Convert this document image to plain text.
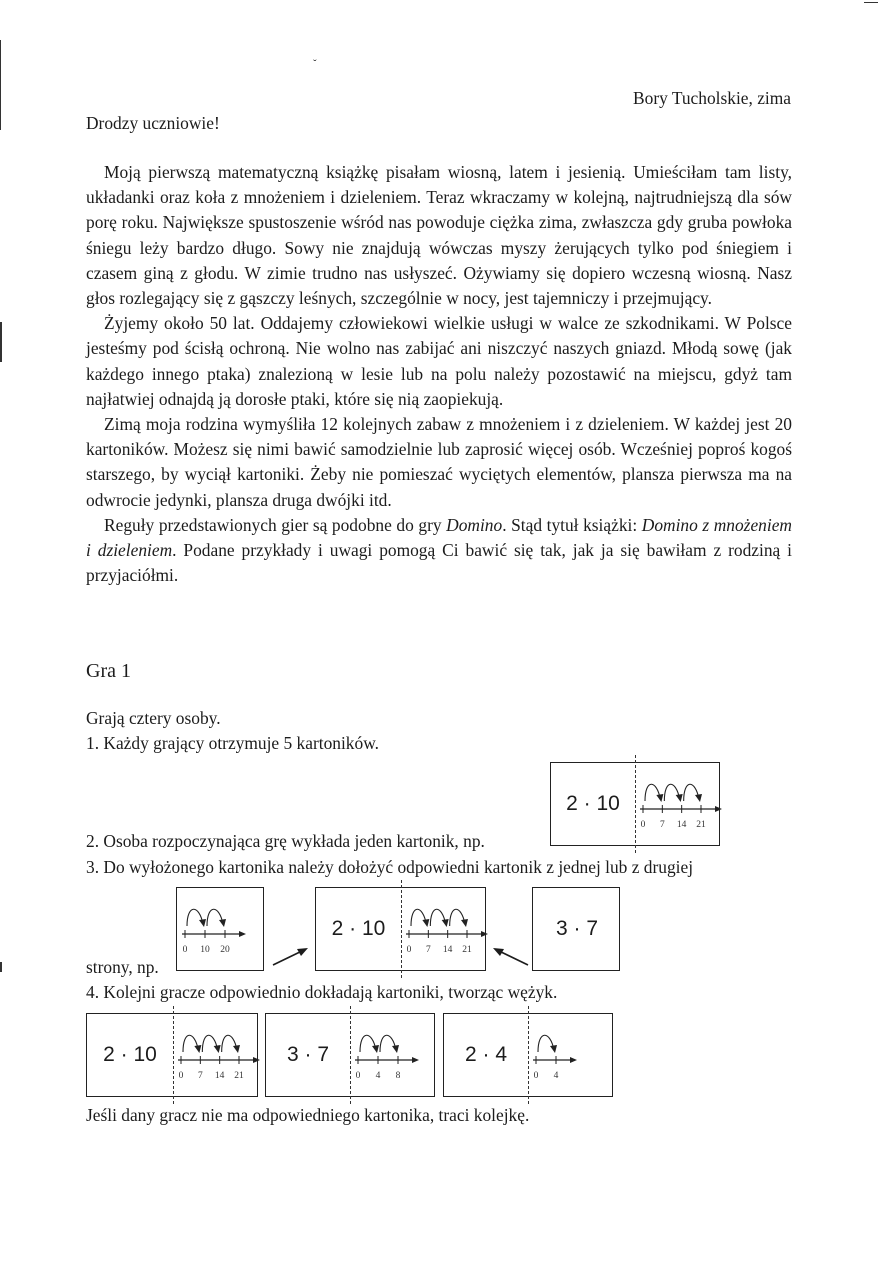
ˇ
Bory Tucholskie, zima
Drodzy uczniowie!

Moją pierwszą matematyczną książkę pisałam wiosną, latem i jesienią. Umieściłam tam listy, układanki oraz koła z mnożeniem i dzieleniem. Teraz wkraczamy w kolejną, najtrudniejszą dla sów porę roku. Największe spustoszenie wśród nas powoduje ciężka zima, zwłaszcza gdy gruba powłoka śniegu leży bardzo długo. Sowy nie znajdują wówczas myszy żerujących tylko pod śniegiem i czasem giną z głodu. W zimie trudno nas usłyszeć. Ożywiamy się dopiero wczesną wiosną. Nasz głos rozlegający się z gąszczy leśnych, szczególnie w nocy, jest tajemniczy i przejmujący.

Żyjemy około 50 lat. Oddajemy człowiekowi wielkie usługi w walce ze szkodnikami. W Polsce jesteśmy pod ścisłą ochroną. Nie wolno nas zabijać ani niszczyć naszych gniazd. Młodą sowę (jak każdego innego ptaka) znalezioną w lesie lub na polu należy pozostawić na miejscu, gdyż tam najłatwiej odnajdą ją dorosłe ptaki, które się nią zaopiekują.

Zimą moja rodzina wymyśliła 12 kolejnych zabaw z mnożeniem i z dzieleniem. W każdej jest 20 kartoników. Możesz się nimi bawić samodzielnie lub zaprosić więcej osób. Wcześniej poproś kogoś starszego, by wyciął kartoniki. Żeby nie pomieszać wyciętych elementów, plansza pierwsza ma na odwrocie jedynki, plansza druga dwójki itd.

Reguły przedstawionych gier są podobne do gry Domino. Stąd tytuł książki: Domino z mnożeniem i dzieleniem. Podane przykłady i uwagi pomogą Ci bawić się tak, jak ja się bawiłam z rodziną i przyjaciółmi.

Gra 1
Grają cztery osoby.
1. Każdy grający otrzymuje 5 kartoników.
2. Osoba rozpoczynająca grę wykłada jeden kartonik, np.
3. Do wyłożonego kartonika należy dołożyć odpowiedni kartonik z jednej lub z drugiej
strony, np.
4. Kolejni gracze odpowiednio dokładają kartoniki, tworząc wężyk.
Jeśli dany gracz nie ma odpowiedniego kartonika, traci kolejkę.
2 · 10
0 7 14 21
0 10 20
2 · 10
0 7 14 21
3 · 7
2 · 10
0 7 14 21
3 · 7
0 4 8
2 · 4
0 4
